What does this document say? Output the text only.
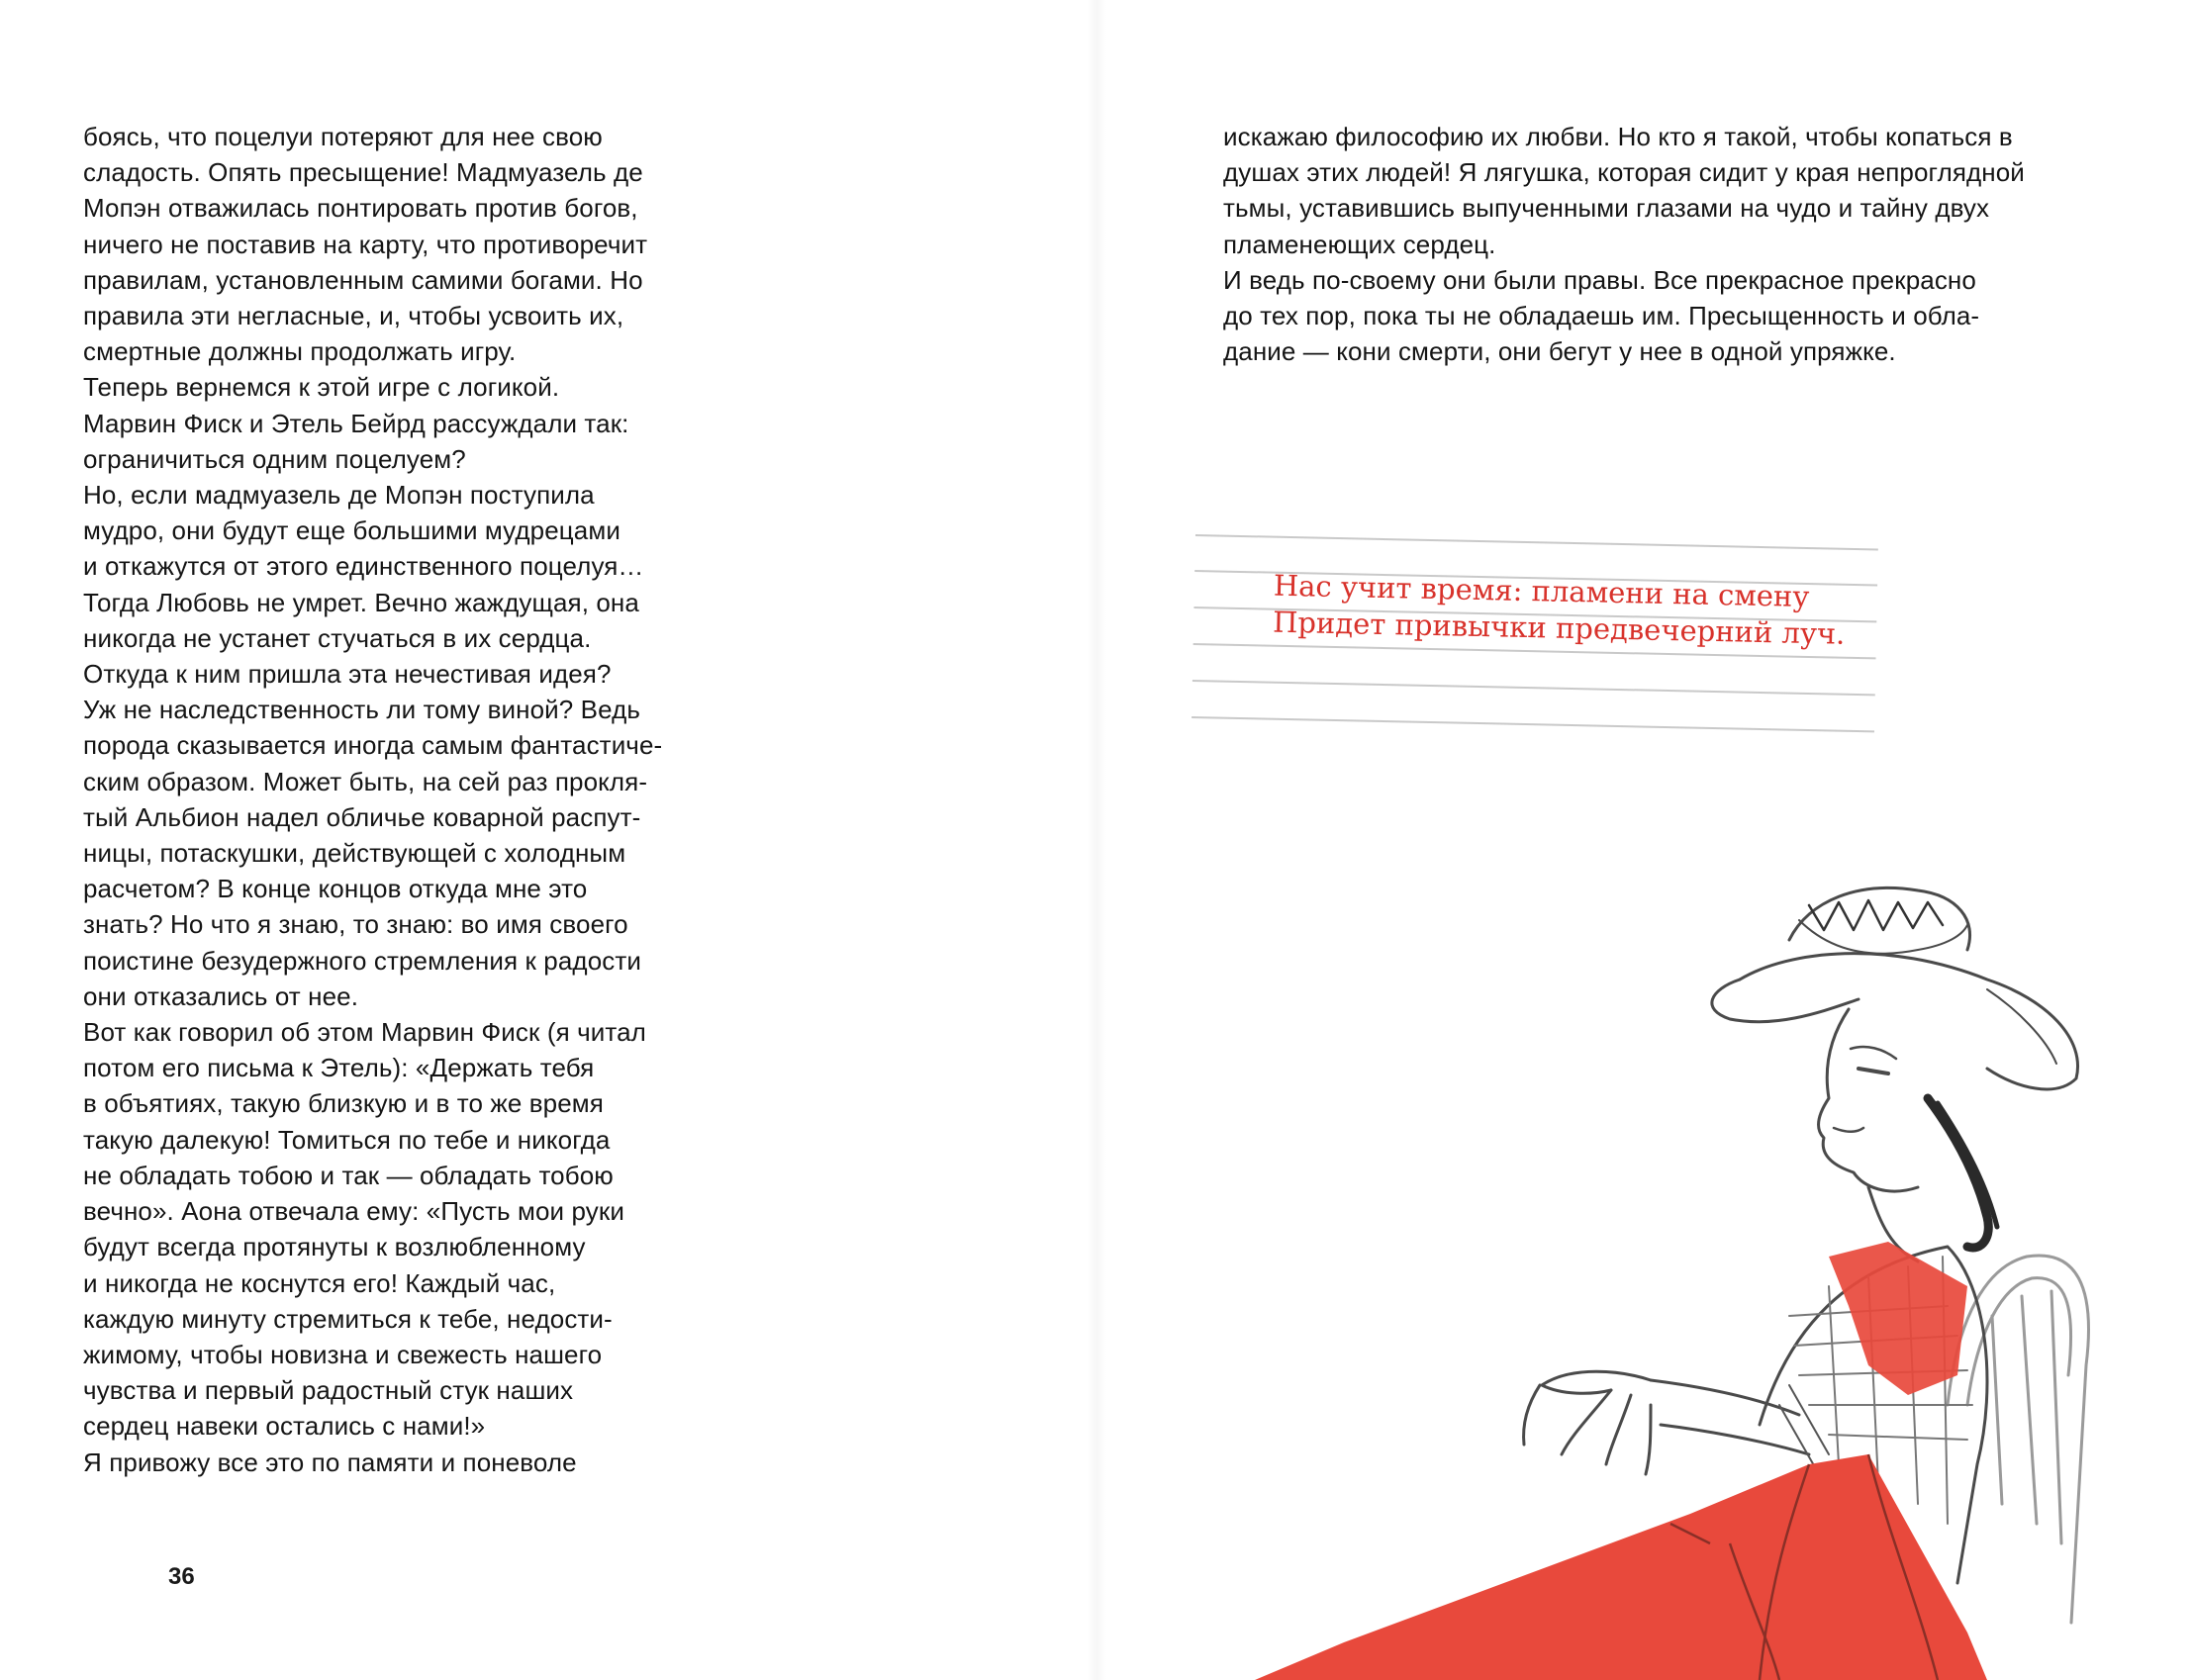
боясь, что поцелуи потеряют для нее свою
сладость. Опять пресыщение! Мадмуазель де
Мопэн отважилась понтировать против богов,
ничего не поставив на карту, что противоречит
правилам, установленным самими богами. Но
правила эти негласные, и, чтобы усвоить их,
смертные должны продолжать игру.
Теперь вернемся к этой игре с логикой.
Марвин Фиск и Этель Бейрд рассуждали так:
ограничиться одним поцелуем?
Но, если мадмуазель де Мопэн поступила
мудро, они будут еще большими мудрецами
и откажутся от этого единственного поцелуя…
Тогда Любовь не умрет. Вечно жаждущая, она
никогда не устанет стучаться в их сердца.
Откуда к ним пришла эта нечестивая идея?
Уж не наследственность ли тому виной? Ведь
порода сказывается иногда самым фантастиче-
ским образом. Может быть, на сей раз прокля-
тый Альбион надел обличье коварной распут-
ницы, потаскушки, действующей с холодным
расчетом? В конце концов откуда мне это
знать? Но что я знаю, то знаю: во имя своего
поистине безудержного стремления к радости
они отказались от нее.
Вот как говорил об этом Марвин Фиск (я читал
потом его письма к Этель): «Держать тебя
в объятиях, такую близкую и в то же время
такую далекую! Томиться по тебе и никогда
не обладать тобою и так — обладать тобою
вечно». Аона отвечала ему: «Пусть мои руки
будут всегда протянуты к возлюбленному
и никогда не коснутся его! Каждый час,
каждую минуту стремиться к тебе, недости-
жимому, чтобы новизна и свежесть нашего
чувства и первый радостный стук наших
сердец навеки остались с нами!»
Я привожу все это по памяти и поневоле
36
искажаю философию их любви. Но кто я такой, чтобы копаться в
душах этих людей! Я лягушка, которая сидит у края непроглядной
тьмы, уставившись выпученными глазами на чудо и тайну двух
пламенеющих сердец.
И ведь по-своему они были правы. Все прекрасное прекрасно
до тех пор, пока ты не обладаешь им. Пресыщенность и обла-
дание — кони смерти, они бегут у нее в одной упряжке.
Нас учит время: пламени на смену
Придет привычки предвечерний луч.
